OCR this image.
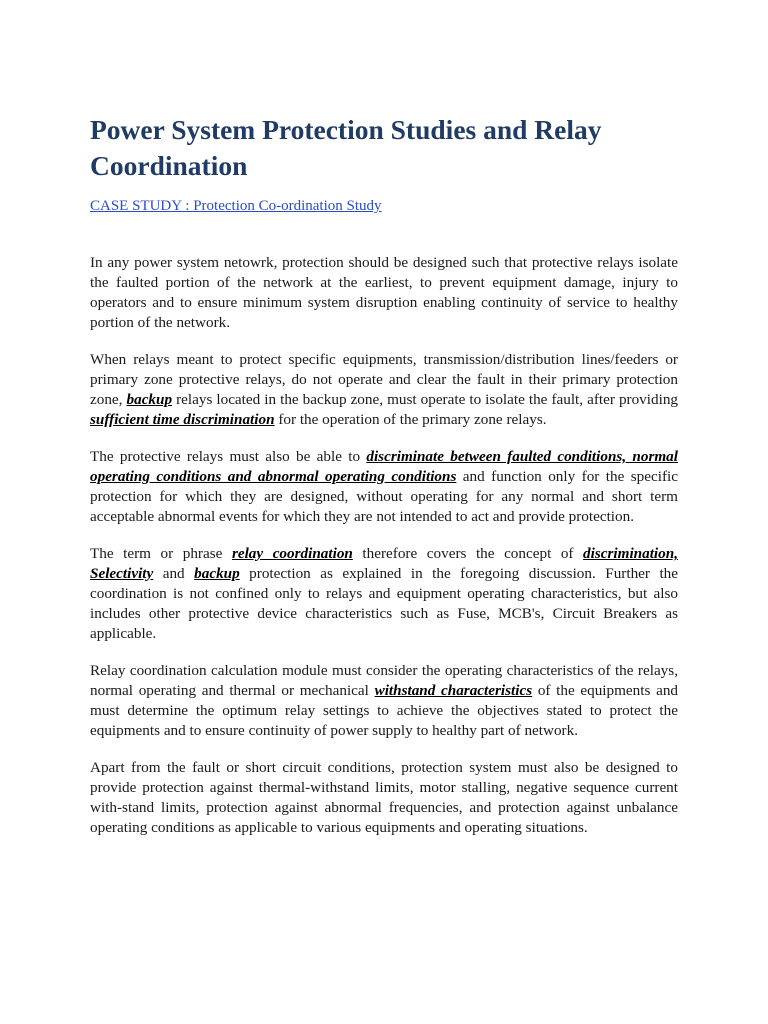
Power System Protection Studies and Relay Coordination
CASE STUDY : Protection Co-ordination Study

In any power system netowrk, protection should be designed such that protective relays isolate the faulted portion of the network at the earliest, to prevent equipment damage, injury to operators and to ensure minimum system disruption enabling continuity of service to healthy portion of the network.

When relays meant to protect specific equipments, transmission/distribution lines/feeders or primary zone protective relays, do not operate and clear the fault in their primary protection zone, backup relays located in the backup zone, must operate to isolate the fault, after providing sufficient time discrimination for the operation of the primary zone relays.

The protective relays must also be able to discriminate between faulted conditions, normal operating conditions and abnormal operating conditions and function only for the specific protection for which they are designed, without operating for any normal and short term acceptable abnormal events for which they are not intended to act and provide protection.

The term or phrase relay coordination therefore covers the concept of discrimination, Selectivity and backup protection as explained in the foregoing discussion. Further the coordination is not confined only to relays and equipment operating characteristics, but also includes other protective device characteristics such as Fuse, MCB's, Circuit Breakers as applicable.

Relay coordination calculation module must consider the operating characteristics of the relays, normal operating and thermal or mechanical withstand characteristics of the equipments and must determine the optimum relay settings to achieve the objectives stated to protect the equipments and to ensure continuity of power supply to healthy part of network.

Apart from the fault or short circuit conditions, protection system must also be designed to provide protection against thermal-withstand limits, motor stalling, negative sequence current with-stand limits, protection against abnormal frequencies, and protection against unbalance operating conditions as applicable to various equipments and operating situations.
